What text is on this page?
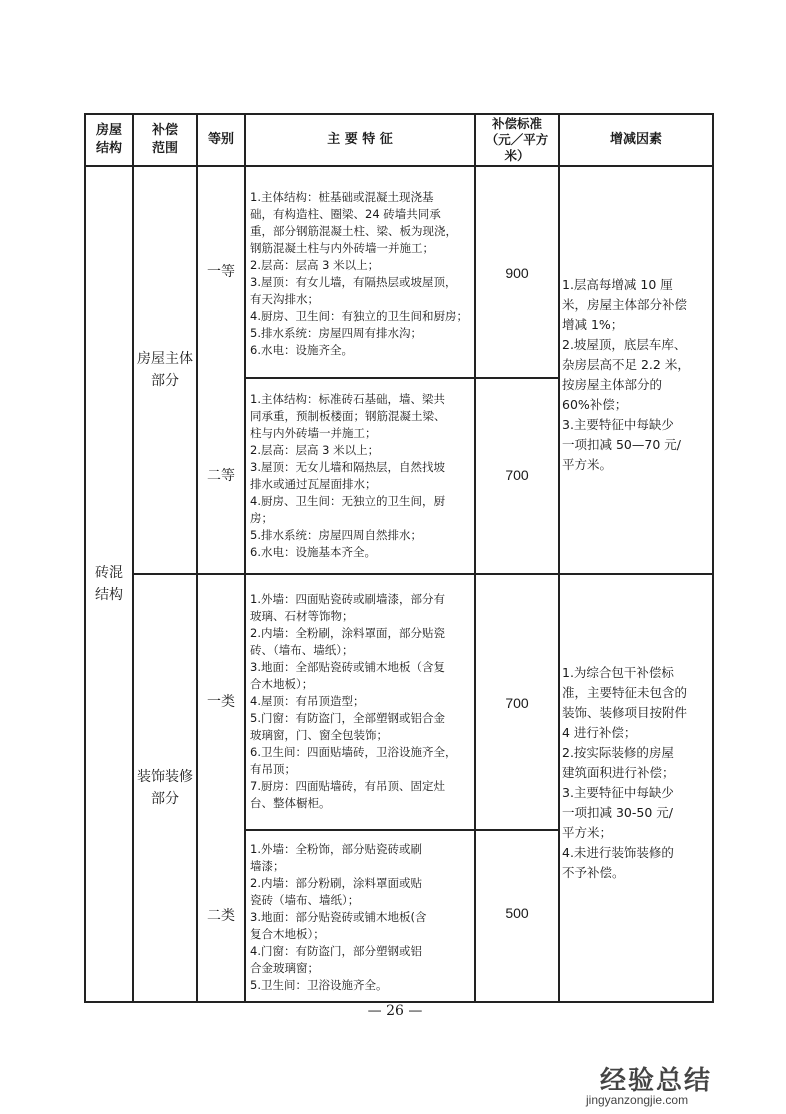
房屋结构
补偿范围
等别	主 要 特 征
补偿标准（元／平方米）
增减因素
砖混结构
房屋主体部分
装饰装修部分
一等
二等
一类
二类
1.主体结构：桩基础或混凝土现浇基
础，有构造柱、圈梁、24 砖墙共同承
重，部分钢筋混凝土柱、梁、板为现浇，
钢筋混凝土柱与内外砖墙一并施工；
2.层高：层高 3 米以上；
3.屋顶：有女儿墙，有隔热层或坡屋顶，
有天沟排水；
4.厨房、卫生间：有独立的卫生间和厨房；
5.排水系统：房屋四周有排水沟；
6.水电：设施齐全。
1.主体结构：标准砖石基础，墙、梁共
同承重，预制板楼面；钢筋混凝土梁、
柱与内外砖墙一并施工；
2.层高：层高 3 米以上；
3.屋顶：无女儿墙和隔热层，自然找坡
排水或通过瓦屋面排水；
4.厨房、卫生间：无独立的卫生间，厨
房；
5.排水系统：房屋四周自然排水；
6.水电：设施基本齐全。
1.外墙：四面贴瓷砖或刷墙漆，部分有
玻璃、石材等饰物；
2.内墙：全粉刷，涂料罩面，部分贴瓷
砖、（墙布、墙纸）；
3.地面：全部贴瓷砖或铺木地板（含复
合木地板）；
4.屋顶：有吊顶造型；
5.门窗：有防盗门，全部塑钢或铝合金
玻璃窗，门、窗全包装饰；
6.卫生间：四面贴墙砖，卫浴设施齐全，
有吊顶；
7.厨房：四面贴墙砖，有吊顶、固定灶
台、整体橱柜。
1.外墙：全粉饰，部分贴瓷砖或刷
墙漆；
2.内墙：部分粉刷，涂料罩面或贴
瓷砖（墙布、墙纸）；
3.地面：部分贴瓷砖或铺木地板(含
复合木地板）；
4.门窗：有防盗门，部分塑钢或铝
合金玻璃窗；
5.卫生间：卫浴设施齐全。
900
700
700
500
1.层高每增减 10 厘
米，房屋主体部分补偿
增减 1%；
2.坡屋顶，底层车库、
杂房层高不足 2.2 米，
按房屋主体部分的
60%补偿；
3.主要特征中每缺少
一项扣减 50—70 元/
平方米。
1.为综合包干补偿标
准，主要特征未包含的
装饰、装修项目按附件
4 进行补偿；
2.按实际装修的房屋
建筑面积进行补偿；
3.主要特征中每缺少
一项扣减 30-50 元/
平方米；
4.未进行装饰装修的
不予补偿。
— 26 —
经验总结
jingyanzongjie.com
